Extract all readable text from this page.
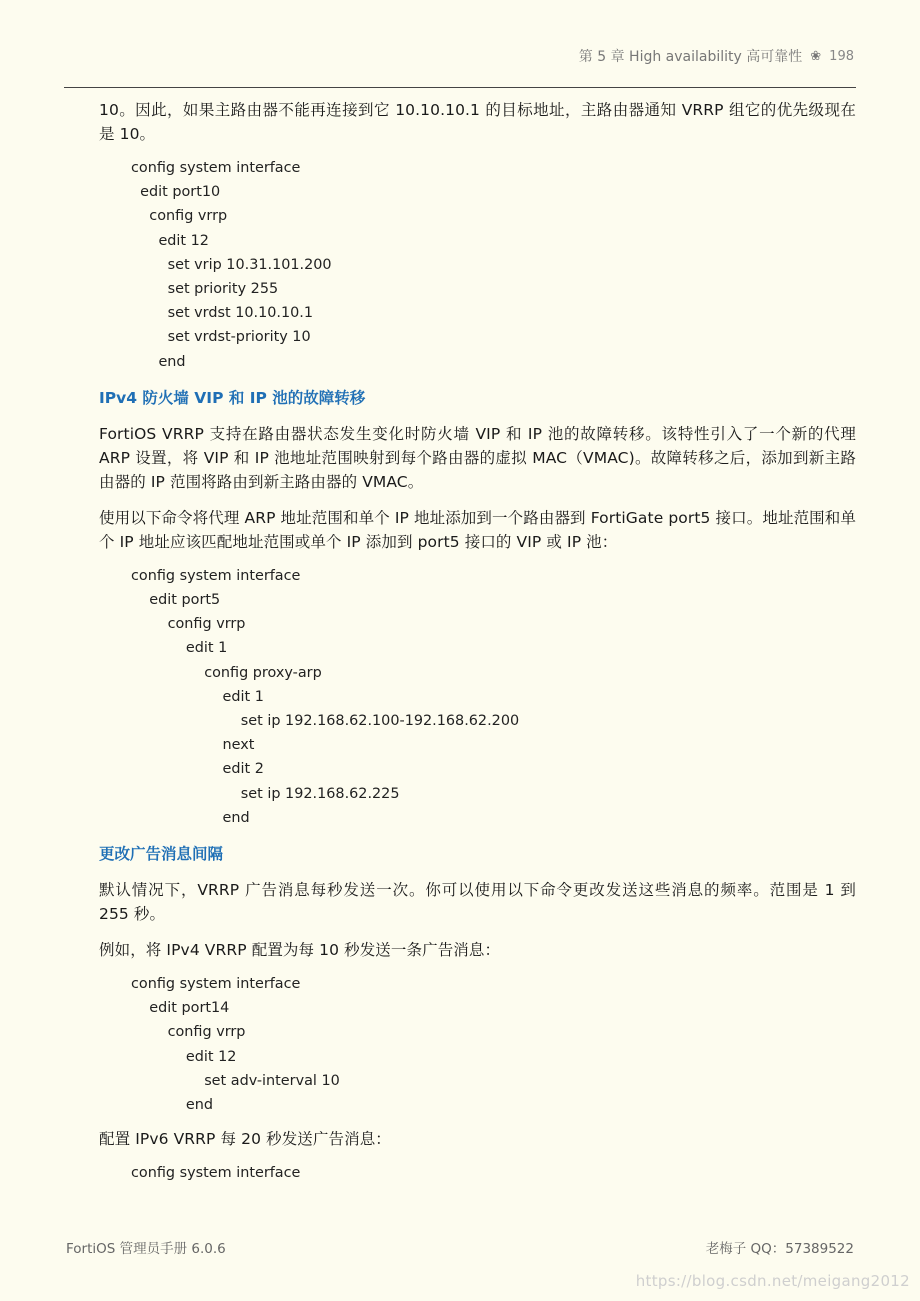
第 5 章 High availability 高可靠性 ❀ 198

10。因此，如果主路由器不能再连接到它 10.10.10.1 的目标地址，主路由器通知 VRRP 组它的优先级现在是 10。

config system interface
edit port10
config vrrp
edit 12
set vrip 10.31.101.200
set priority 255
set vrdst 10.10.10.1
set vrdst-priority 10
end
IPv4 防火墙 VIP 和 IP 池的故障转移

FortiOS VRRP 支持在路由器状态发生变化时防火墙 VIP 和 IP 池的故障转移。该特性引入了一个新的代理 ARP 设置，将 VIP 和 IP 池地址范围映射到每个路由器的虚拟 MAC（VMAC)。故障转移之后，添加到新主路由器的 IP 范围将路由到新主路由器的 VMAC。

使用以下命令将代理 ARP 地址范围和单个 IP 地址添加到一个路由器到 FortiGate port5 接口。地址范围和单个 IP 地址应该匹配地址范围或单个 IP 添加到 port5 接口的 VIP 或 IP 池：

config system interface
edit port5
config vrrp
edit 1
config proxy-arp
edit 1
set ip 192.168.62.100-192.168.62.200
next
edit 2
set ip 192.168.62.225
end
更改广告消息间隔

默认情况下，VRRP 广告消息每秒发送一次。你可以使用以下命令更改发送这些消息的频率。范围是 1 到 255 秒。

例如，将 IPv4 VRRP 配置为每 10 秒发送一条广告消息：

config system interface
edit port14
config vrrp
edit 12
set adv-interval 10
end

配置 IPv6 VRRP 每 20 秒发送广告消息：

config system interface
FortiOS 管理员手册 6.0.6	老梅子 QQ：57389522
https://blog.csdn.net/meigang2012
